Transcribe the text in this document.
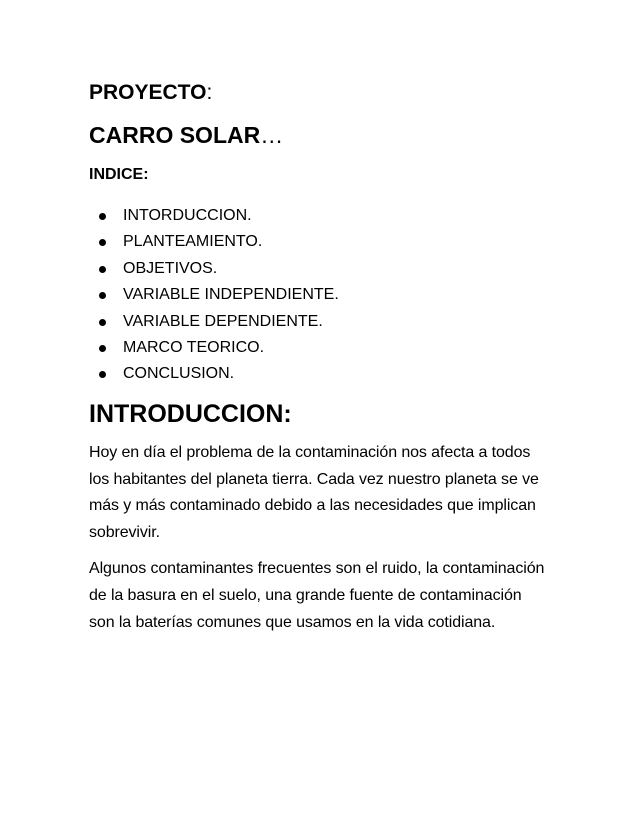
PROYECTO:

CARRO SOLAR…

INDICE:

INTORDUCCION.
PLANTEAMIENTO.
OBJETIVOS.
VARIABLE INDEPENDIENTE.
VARIABLE DEPENDIENTE.
MARCO TEORICO.
CONCLUSION.
INTRODUCCION:

Hoy en día el problema de la contaminación nos afecta a todos los habitantes del planeta tierra. Cada vez nuestro planeta se ve más y más contaminado debido a las necesidades que implican sobrevivir.

Algunos contaminantes frecuentes son el ruido, la contaminación de la basura en el suelo, una grande fuente de contaminación son la baterías comunes que usamos en la vida cotidiana.
